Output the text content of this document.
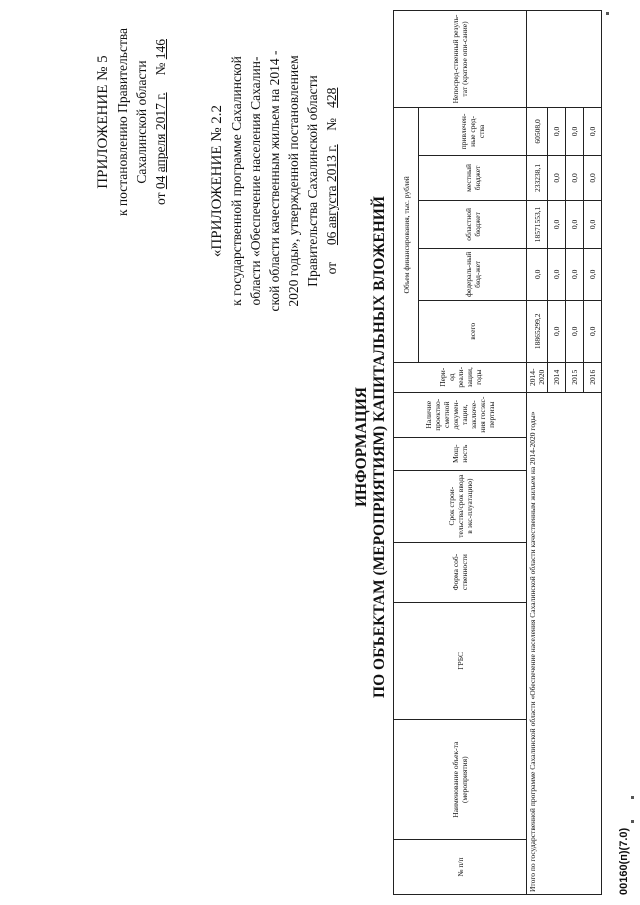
ПРИЛОЖЕНИЕ № 5 к постановлению Правительства Сахалинской области
от 04 апреля 2017 г.     № 146
«ПРИЛОЖЕНИЕ № 2.2 к государственной программе Сахалинской области «Обеспечение населения Сахалин- ской области качественным жильем на 2014 - 2020 годы», утвержденной постановлением Правительства Сахалинской области от     06 августа 2013 г.    №   428
ИНФОРМАЦИЯ ПО ОБЪЕКТАМ (МЕРОПРИЯТИЯМ) КАПИТАЛЬНЫХ ВЛОЖЕНИЙ
№ п/п	Наименование объек-та (мероприятия)	ГРБС	Форма соб-ственности	Срок строи-тельства/срок ввода в экс-плуатацию)	Мощ-ность	Наличие проектно-сметной докумен-тации, заключе-ния госэкс-пертизы	Пери-од реали-зации, годы	Объем финансирования, тыс. рублей					Непосред-ственный резуль-тат (краткое опи-сание)
								всего	федераль-ный бюд-жет	областной бюджет	местный бюджет	привлечен-ные сред-ства	
Итого по государственной программе Сахалинской области «Обеспечение населения Сахалинской области качественным жильем на 2014-2020 годы»							2014-2020	18865299,2	0,0	18571553,1	233238,1	60508,0	
							2014	0,0	0,0	0,0	0,0	0,0	
							2015	0,0	0,0	0,0	0,0	0,0	
							2016	0,0	0,0	0,0	0,0	0,0	
00160(п)(7.0)
